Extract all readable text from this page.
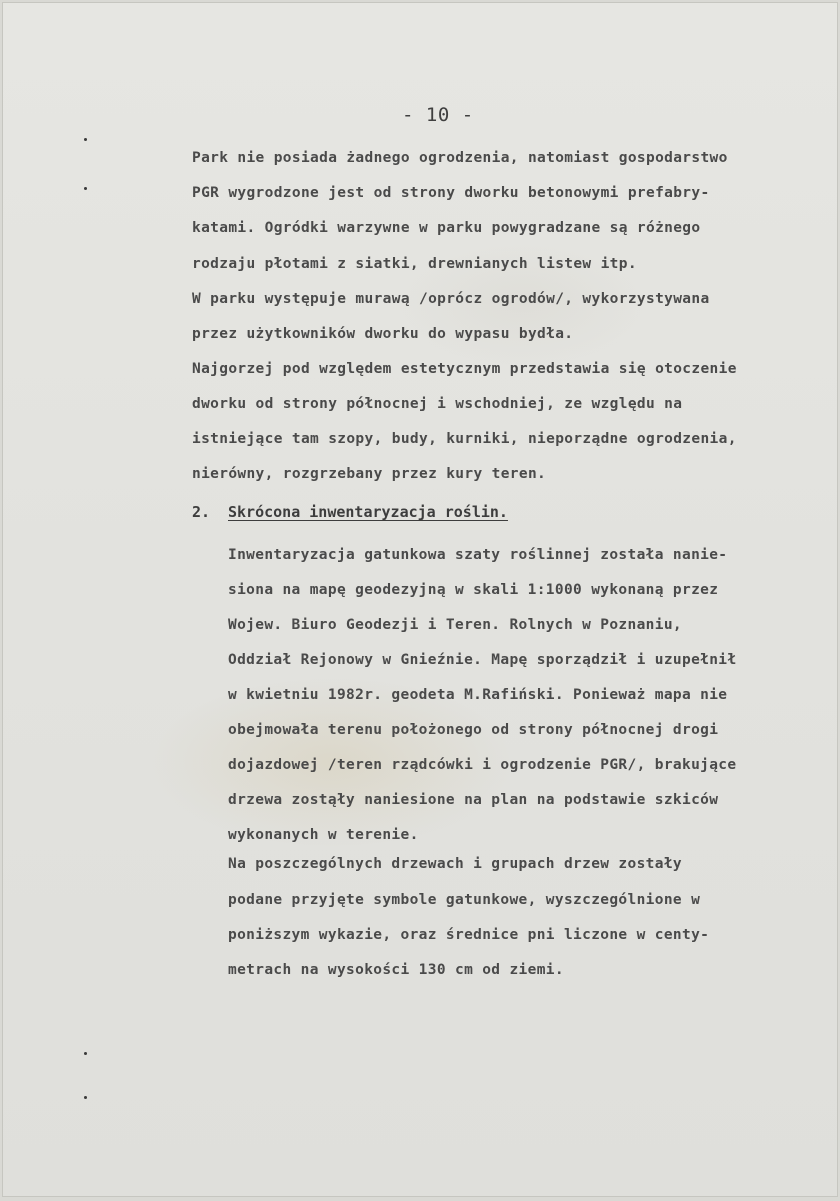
- 10 -
Park nie posiada żadnego ogrodzenia, natomiast gospodarstwo
PGR wygrodzone jest od strony dworku betonowymi prefabry-
katami. Ogródki warzywne w parku powygradzane są różnego
rodzaju płotami z siatki, drewnianych listew itp.
W parku występuje murawą /oprócz ogrodów/, wykorzystywana
przez użytkowników dworku do wypasu bydła.
Najgorzej pod względem estetycznym przedstawia się otoczenie
dworku od strony północnej i wschodniej, ze względu na
istniejące tam szopy, budy, kurniki, nieporządne ogrodzenia,
nierówny, rozgrzebany przez kury teren.
2. Skrócona inwentaryzacja roślin.
Inwentaryzacja gatunkowa szaty roślinnej została nanie-
siona na mapę geodezyjną w skali 1:1000 wykonaną przez
Wojew. Biuro Geodezji i Teren. Rolnych w Poznaniu,
Oddział Rejonowy w Gnieźnie. Mapę sporządził i uzupełnił
w kwietniu 1982r. geodeta M.Rafiński. Ponieważ mapa nie
obejmowała terenu położonego od strony północnej drogi
dojazdowej /teren rządcówki i ogrodzenie PGR/, brakujące
drzewa zostąły naniesione na plan na podstawie szkiców
wykonanych w terenie.
Na poszczególnych drzewach i grupach drzew zostały
podane przyjęte symbole gatunkowe, wyszczególnione w
poniższym wykazie, oraz średnice pni liczone w centy-
metrach na wysokości 130 cm od ziemi.
